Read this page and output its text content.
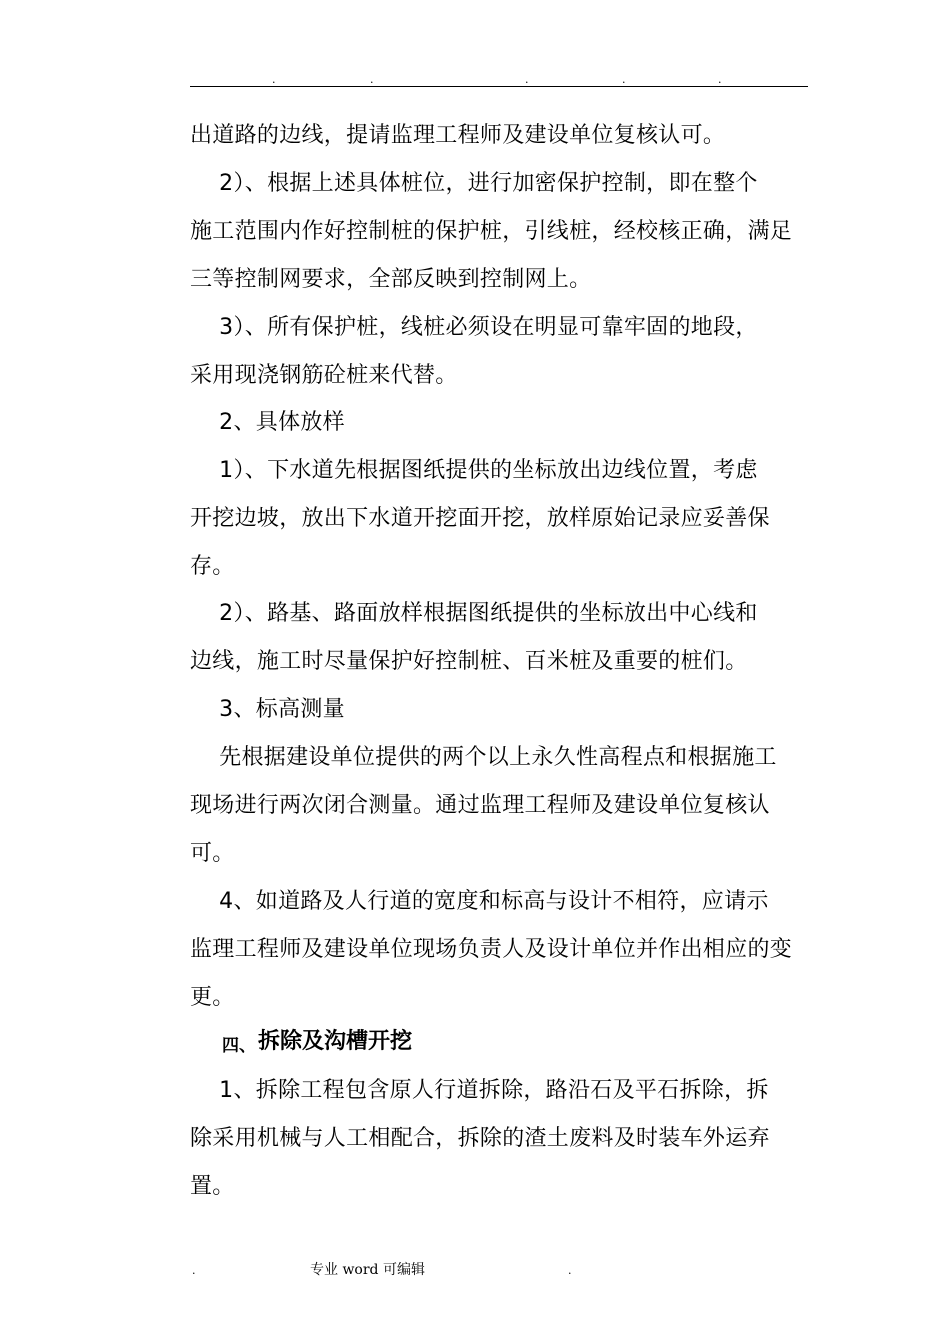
.	.	.	.	.

出道路的边线，提请监理工程师及建设单位复核认可。

2）、根据上述具体桩位，进行加密保护控制，即在整个

施工范围内作好控制桩的保护桩，引线桩，经校核正确，满足

三等控制网要求，全部反映到控制网上。

3）、所有保护桩，线桩必须设在明显可靠牢固的地段，

采用现浇钢筋砼桩来代替。

2、具体放样

1）、下水道先根据图纸提供的坐标放出边线位置，考虑

开挖边坡，放出下水道开挖面开挖，放样原始记录应妥善保

存。

2）、路基、路面放样根据图纸提供的坐标放出中心线和

边线，施工时尽量保护好控制桩、百米桩及重要的桩们。

3、标高测量

先根据建设单位提供的两个以上永久性高程点和根据施工

现场进行两次闭合测量。通过监理工程师及建设单位复核认

可。

4、如道路及人行道的宽度和标高与设计不相符，应请示

监理工程师及建设单位现场负责人及设计单位并作出相应的变

更。

四、 拆除及沟槽开挖

1、拆除工程包含原人行道拆除，路沿石及平石拆除，拆

除采用机械与人工相配合，拆除的渣土废料及时装车外运弃

置。

.	专业 word 可编辑	.
